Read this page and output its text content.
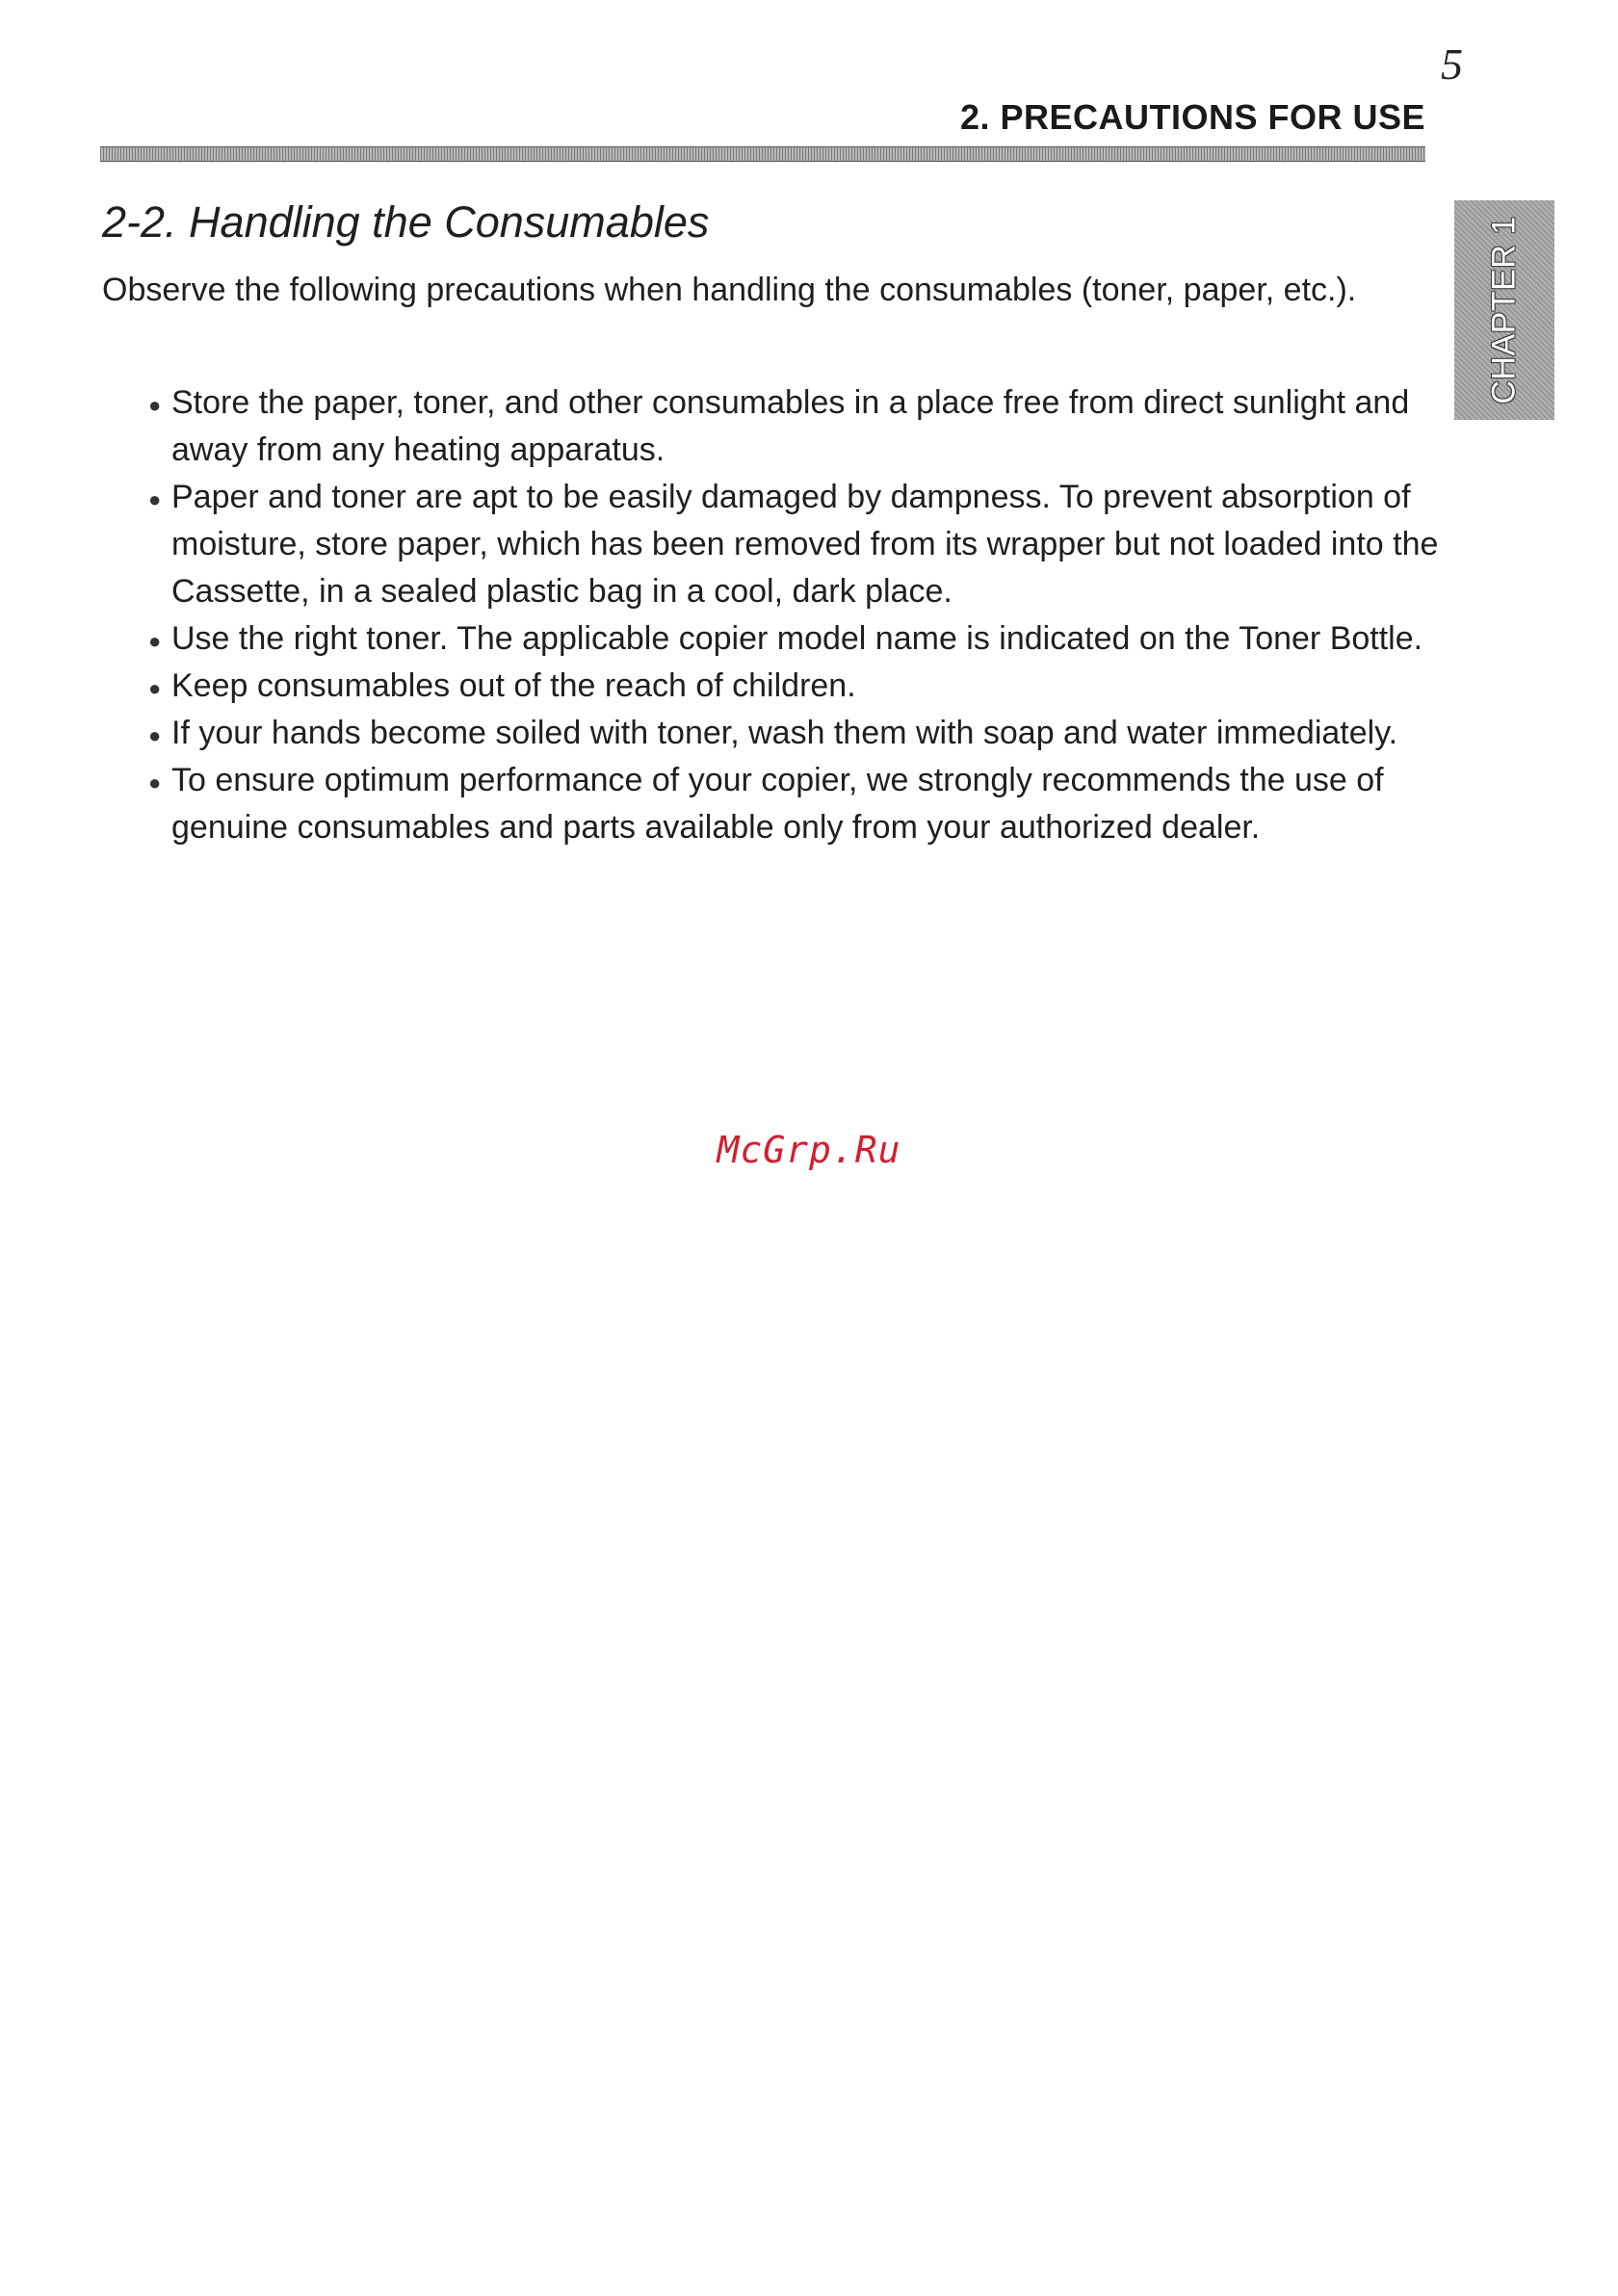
5
2. PRECAUTIONS FOR USE
CHAPTER 1
2-2. Handling the Consumables

Observe the following precautions when handling the consumables (toner, paper, etc.).

● Store the paper, toner, and other consumables in a place free from direct sunlight and away from any heating apparatus.
● Paper and toner are apt to be easily damaged by dampness. To prevent absorption of moisture, store paper, which has been removed from its wrapper but not loaded into the Cassette, in a sealed plastic bag in a cool, dark place.
● Use the right toner. The applicable copier model name is indicated on the Toner Bottle.
● Keep consumables out of the reach of children.
● If your hands become soiled with toner, wash them with soap and water immediately.
● To ensure optimum performance of your copier, we strongly recommends the use of genuine consumables and parts available only from your authorized dealer.
McGrp.Ru
